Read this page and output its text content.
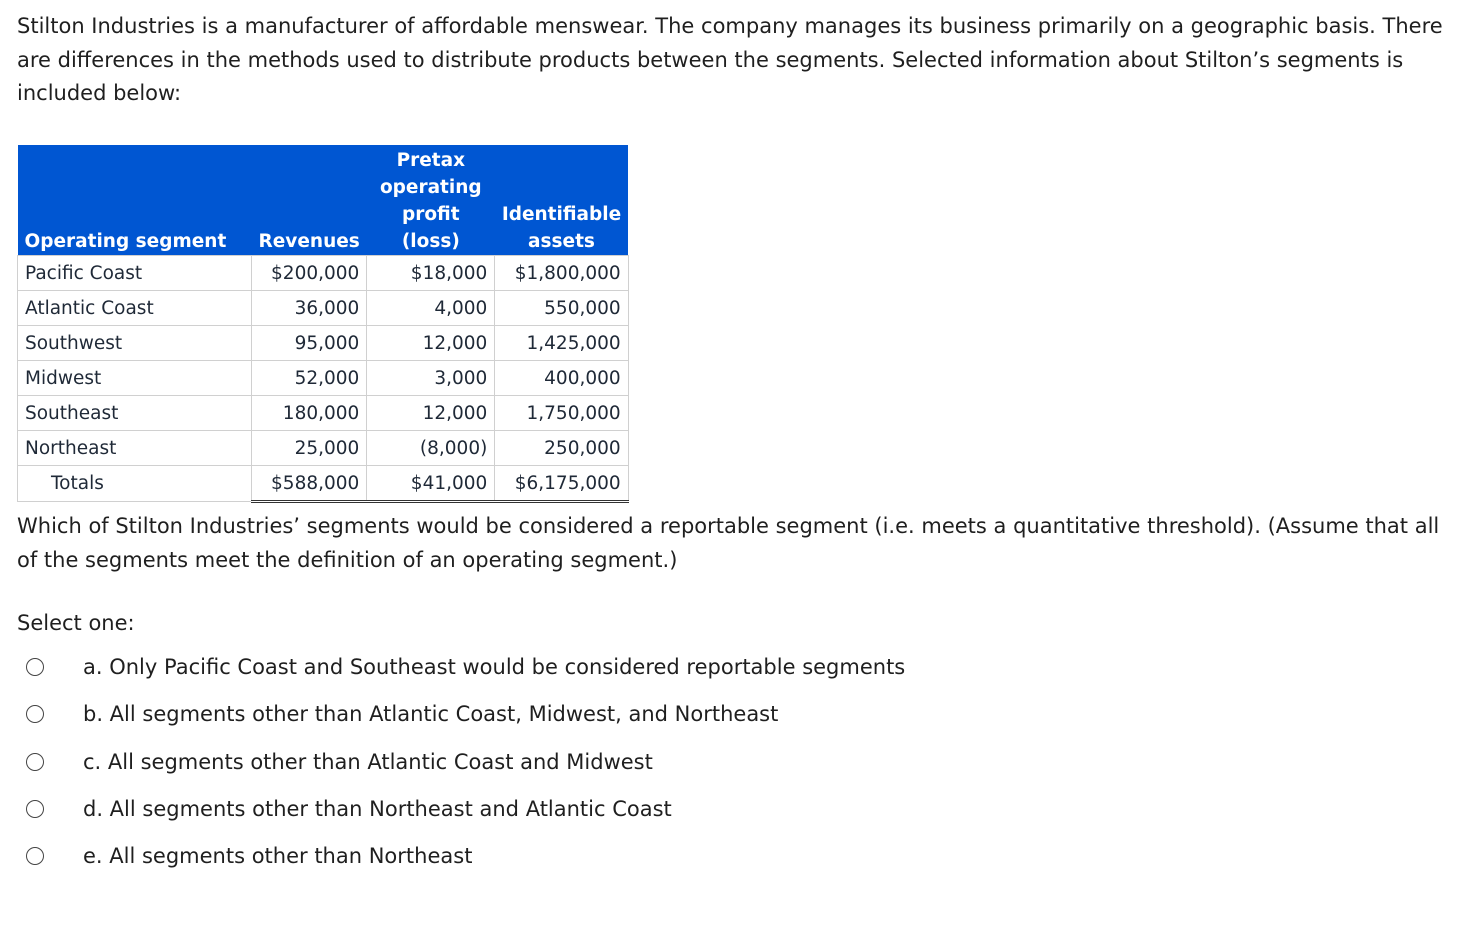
Stilton Industries is a manufacturer of affordable menswear. The company manages its business primarily on a geographic basis. There are differences in the methods used to distribute products between the segments. Selected information about Stilton’s segments is included below:
Operating segment	Revenues	Pretax operating profit (loss)	Identifiable assets
Pacific Coast	$200,000	$18,000	$1,800,000
Atlantic Coast	36,000	4,000	550,000
Southwest	95,000	12,000	1,425,000
Midwest	52,000	3,000	400,000
Southeast	180,000	12,000	1,750,000
Northeast	25,000	(8,000)	250,000
Totals	$588,000	$41,000	$6,175,000
Which of Stilton Industries’ segments would be considered a reportable segment (i.e. meets a quantitative threshold). (Assume that all of the segments meet the definition of an operating segment.)
Select one:
a. Only Pacific Coast and Southeast would be considered reportable segments
b. All segments other than Atlantic Coast, Midwest, and Northeast
c. All segments other than Atlantic Coast and Midwest
d. All segments other than Northeast and Atlantic Coast
e. All segments other than Northeast
